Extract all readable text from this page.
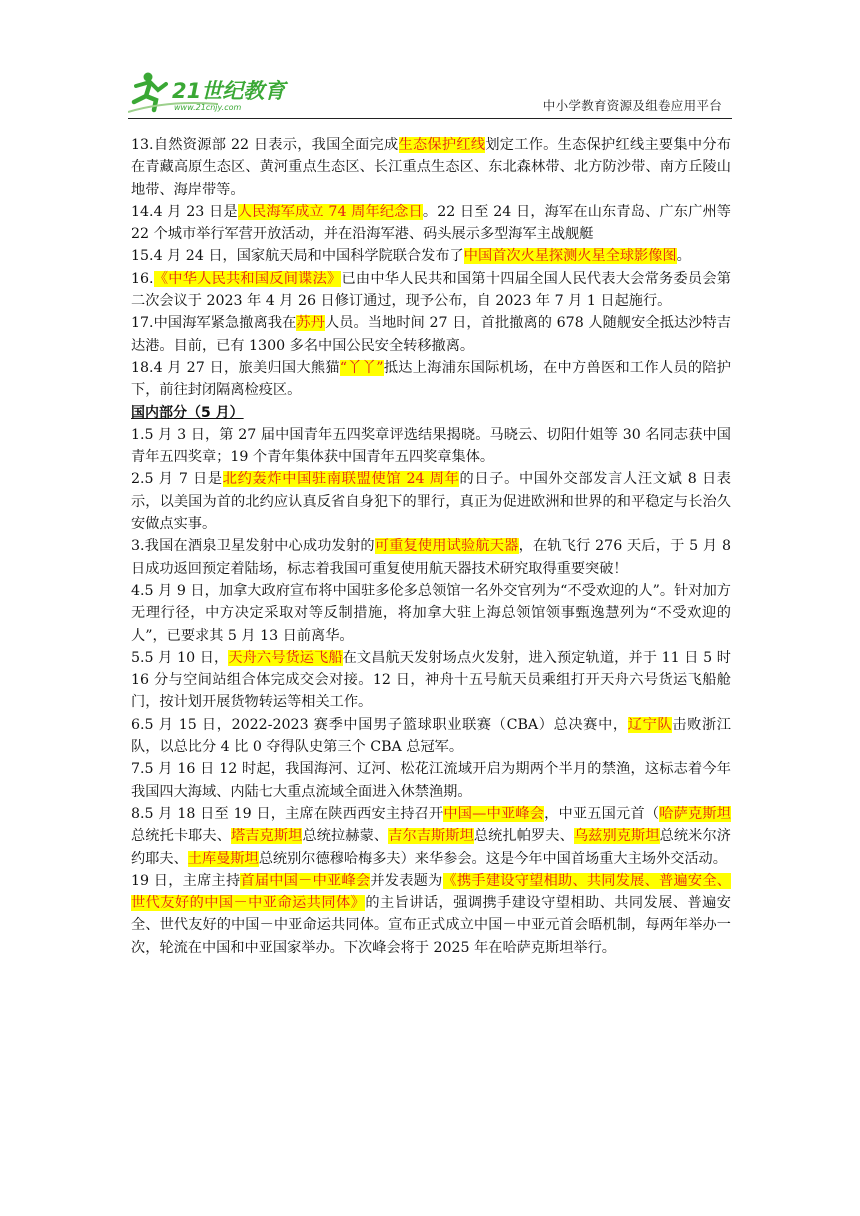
21世纪教育
www.21cnjy.com	中小学教育资源及组卷应用平台

13.自然资源部 22 日表示，我国全面完成生态保护红线划定工作。生态保护红线主要集中分布在青藏高原生态区、黄河重点生态区、长江重点生态区、东北森林带、北方防沙带、南方丘陵山地带、海岸带等。

14.4 月 23 日是人民海军成立 74 周年纪念日。22 日至 24 日，海军在山东青岛、广东广州等 22 个城市举行军营开放活动，并在沿海军港、码头展示多型海军主战舰艇

15.4 月 24 日，国家航天局和中国科学院联合发布了中国首次火星探测火星全球影像图。

16.《中华人民共和国反间谍法》已由中华人民共和国第十四届全国人民代表大会常务委员会第二次会议于 2023 年 4 月 26 日修订通过，现予公布，自 2023 年 7 月 1 日起施行。

17.中国海军紧急撤离我在苏丹人员。当地时间 27 日，首批撤离的 678 人随舰安全抵达沙特吉达港。目前，已有 1300 多名中国公民安全转移撤离。

18.4 月 27 日，旅美归国大熊猫“丫丫”抵达上海浦东国际机场，在中方兽医和工作人员的陪护下，前往封闭隔离检疫区。

国内部分（5 月）

1.5 月 3 日，第 27 届中国青年五四奖章评选结果揭晓。马晓云、切阳什姐等 30 名同志获中国青年五四奖章；19 个青年集体获中国青年五四奖章集体。

2.5 月 7 日是北约轰炸中国驻南联盟使馆 24 周年的日子。中国外交部发言人汪文斌 8 日表示，以美国为首的北约应认真反省自身犯下的罪行，真正为促进欧洲和世界的和平稳定与长治久安做点实事。

3.我国在酒泉卫星发射中心成功发射的可重复使用试验航天器，在轨飞行 276 天后，于 5 月 8 日成功返回预定着陆场，标志着我国可重复使用航天器技术研究取得重要突破！

4.5 月 9 日，加拿大政府宣布将中国驻多伦多总领馆一名外交官列为“不受欢迎的人”。针对加方无理行径，中方决定采取对等反制措施，将加拿大驻上海总领馆领事甄逸慧列为“不受欢迎的人”，已要求其 5 月 13 日前离华。

5.5 月 10 日，天舟六号货运飞船在文昌航天发射场点火发射，进入预定轨道，并于 11 日 5 时 16 分与空间站组合体完成交会对接。12 日，神舟十五号航天员乘组打开天舟六号货运飞船舱门，按计划开展货物转运等相关工作。

6.5 月 15 日，2022-2023 赛季中国男子篮球职业联赛（CBA）总决赛中，辽宁队击败浙江队，以总比分 4 比 0 夺得队史第三个 CBA 总冠军。

7.5 月 16 日 12 时起，我国海河、辽河、松花江流域开启为期两个半月的禁渔，这标志着今年我国四大海域、内陆七大重点流域全面进入休禁渔期。

8.5 月 18 日至 19 日，主席在陕西西安主持召开中国—中亚峰会，中亚五国元首（哈萨克斯坦总统托卡耶夫、塔吉克斯坦总统拉赫蒙、吉尔吉斯斯坦总统扎帕罗夫、乌兹别克斯坦总统米尔济约耶夫、土库曼斯坦总统别尔德穆哈梅多夫）来华参会。这是今年中国首场重大主场外交活动。

19 日，主席主持首届中国－中亚峰会并发表题为《携手建设守望相助、共同发展、普遍安全、世代友好的中国－中亚命运共同体》的主旨讲话，强调携手建设守望相助、共同发展、普遍安全、世代友好的中国－中亚命运共同体。宣布正式成立中国－中亚元首会晤机制，每两年举办一次，轮流在中国和中亚国家举办。下次峰会将于 2025 年在哈萨克斯坦举行。
